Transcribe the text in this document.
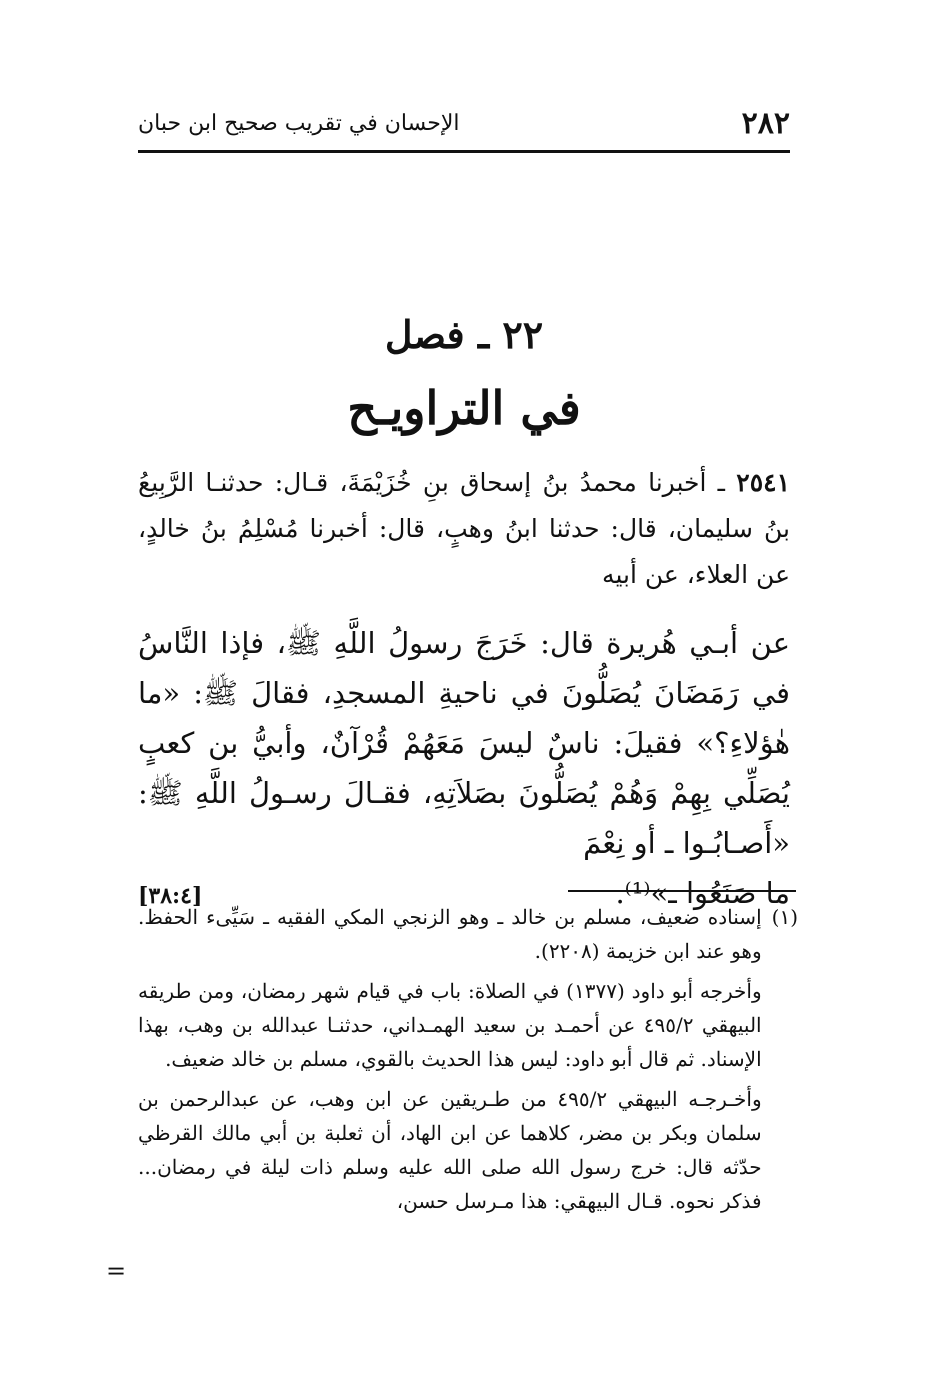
٢٨٢
الإحسان في تقريب صحيح ابن حبان
٢٢ ـ فصل
في التراويـح

٢٥٤١ ـ أخبرنا محمدُ بنُ إسحاق بنِ خُزَيْمَةَ، قـال: حدثنـا الرَّبِيعُ بنُ سليمان، قال: حدثنا ابنُ وهبٍ، قال: أخبرنا مُسْلِمُ بنُ خالدٍ، عن العلاء، عن أبيه

عن أبـي هُريرة قال: خَرَجَ رسولُ اللَّهِ ﷺ، فإذا النَّاسُ في رَمَضَانَ يُصَلُّونَ في ناحيةِ المسجدِ، فقالَ ﷺ: «ما هٰؤلاءِ؟» فقيلَ: ناسٌ ليسَ مَعَهُمْ قُرْآنٌ، وأبيُّ بن كعبٍ يُصَلِّي بِهِمْ وَهُمْ يُصَلُّونَ بصَلاَتِهِ، فقـالَ رسـولُ اللَّهِ ﷺ: «أَصـابُـوا ـ أو نِعْمَ

ما صَنَعُوا ـ»⁽¹⁾.
[٣٨:٤]
(١)

إسناده ضعيف، مسلم بن خالد ـ وهو الزنجي المكي الفقيه ـ سَيِّىء الحفظ. وهو عند ابن خزيمة (٢٢٠٨).

وأخرجه أبو داود (١٣٧٧) في الصلاة: باب في قيام شهر رمضان، ومن طريقه البيهقي ٤٩٥/٢ عن أحمـد بن سعيد الهمـداني، حدثنـا عبدالله بن وهب، بهذا الإسناد. ثم قال أبو داود: ليس هذا الحديث بالقوي، مسلم بن خالد ضعيف.

وأخـرجـه البيهقي ٤٩٥/٢ من طـريقين عن ابن وهب، عن عبدالرحمن بن سلمان وبكر بن مضر، كلاهما عن ابن الهاد، أن ثعلبة بن أبي مالك القرظي حدّثه قال: خرج رسول الله صلى الله عليه وسلم ذات ليلة في رمضان... فذكر نحوه. قـال البيهقي: هذا مـرسل حسن،

=
